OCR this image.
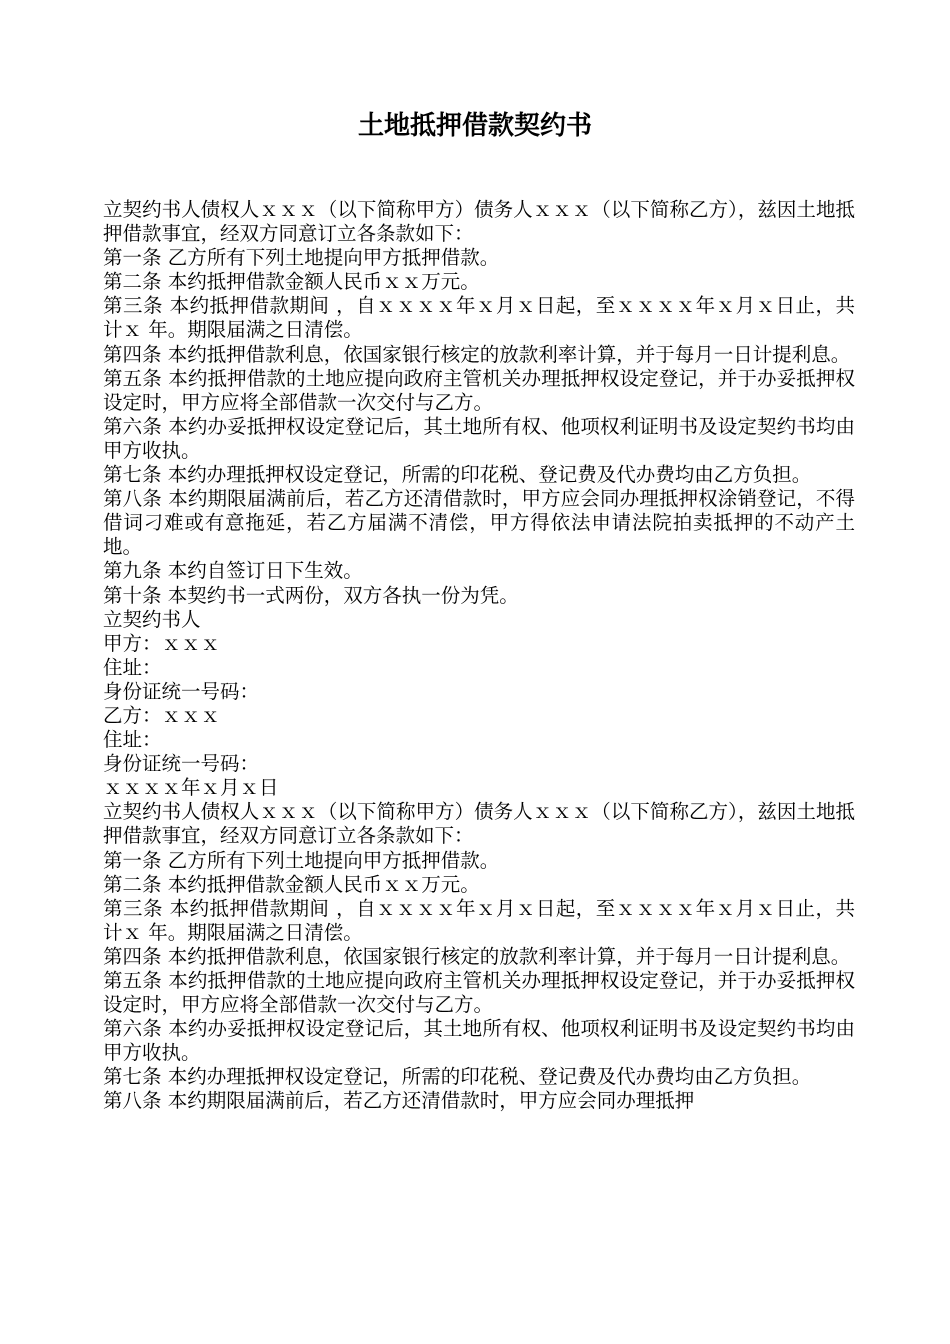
土地抵押借款契约书

立契约书人债权人ｘｘｘ（以下简称甲方）债务人ｘｘｘ（以下简称乙方），兹因土地抵押借款事宜，经双方同意订立各条款如下：

第一条 乙方所有下列土地提向甲方抵押借款。

第二条 本约抵押借款金额人民币ｘｘ万元。

第三条 本约抵押借款期间 ，自ｘｘｘｘ年ｘ月ｘ日起，至ｘｘｘｘ年ｘ月ｘ日止，共计ｘ 年。期限届满之日清偿。

第四条 本约抵押借款利息，依国家银行核定的放款利率计算，并于每月一日计提利息。

第五条 本约抵押借款的土地应提向政府主管机关办理抵押权设定登记，并于办妥抵押权设定时，甲方应将全部借款一次交付与乙方。

第六条 本约办妥抵押权设定登记后，其土地所有权、他项权利证明书及设定契约书均由甲方收执。

第七条 本约办理抵押权设定登记，所需的印花税、登记费及代办费均由乙方负担。

第八条 本约期限届满前后，若乙方还清借款时，甲方应会同办理抵押权涂销登记，不得借词刁难或有意拖延，若乙方届满不清偿，甲方得依法申请法院拍卖抵押的不动产土地。

第九条 本约自签订日下生效。

第十条 本契约书一式两份，双方各执一份为凭。

立契约书人

甲方：ｘｘｘ

住址：

身份证统一号码：

乙方：ｘｘｘ

住址：

身份证统一号码：

ｘｘｘｘ年ｘ月ｘ日

立契约书人债权人ｘｘｘ（以下简称甲方）债务人ｘｘｘ（以下简称乙方），兹因土地抵押借款事宜，经双方同意订立各条款如下：

第一条 乙方所有下列土地提向甲方抵押借款。

第二条 本约抵押借款金额人民币ｘｘ万元。

第三条 本约抵押借款期间 ，自ｘｘｘｘ年ｘ月ｘ日起，至ｘｘｘｘ年ｘ月ｘ日止，共计ｘ 年。期限届满之日清偿。

第四条 本约抵押借款利息，依国家银行核定的放款利率计算，并于每月一日计提利息。

第五条 本约抵押借款的土地应提向政府主管机关办理抵押权设定登记，并于办妥抵押权设定时，甲方应将全部借款一次交付与乙方。

第六条 本约办妥抵押权设定登记后，其土地所有权、他项权利证明书及设定契约书均由甲方收执。

第七条 本约办理抵押权设定登记，所需的印花税、登记费及代办费均由乙方负担。

第八条 本约期限届满前后，若乙方还清借款时，甲方应会同办理抵押
